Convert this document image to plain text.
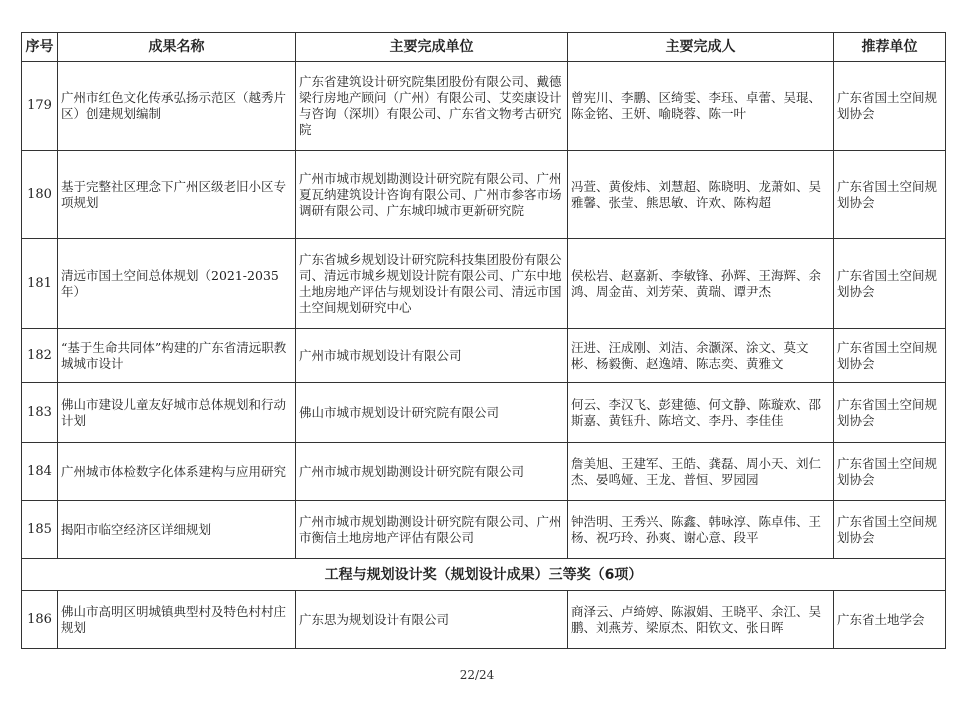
序号	成果名称	主要完成单位	主要完成人	推荐单位
179	广州市红色文化传承弘扬示范区（越秀片区）创建规划编制	广东省建筑设计研究院集团股份有限公司、戴德梁行房地产顾问（广州）有限公司、艾奕康设计与咨询（深圳）有限公司、广东省文物考古研究院	曾宪川、李鹏、区绮雯、李珏、卓蕾、吴琨、陈金铭、王妍、喻晓蓉、陈一叶	广东省国土空间规划协会
180	基于完整社区理念下广州区级老旧小区专项规划	广州市城市规划勘测设计研究院有限公司、广州夏瓦纳建筑设计咨询有限公司、广州市参客市场调研有限公司、广东城印城市更新研究院	冯萱、黄俊炜、刘慧超、陈晓明、龙萧如、吴雅馨、张莹、熊思敏、许欢、陈构超	广东省国土空间规划协会
181	清远市国土空间总体规划（2021-2035年）	广东省城乡规划设计研究院科技集团股份有限公司、清远市城乡规划设计院有限公司、广东中地土地房地产评估与规划设计有限公司、清远市国土空间规划研究中心	侯松岩、赵嘉新、李敏锋、孙辉、王海辉、余鸿、周金苗、刘芳荣、黄瑞、谭尹杰	广东省国土空间规划协会
182	“基于生命共同体”构建的广东省清远职教城城市设计	广州市城市规划设计有限公司	汪进、汪成刚、刘洁、余灏深、涂文、莫文彬、杨毅衡、赵逸靖、陈志奕、黄雅文	广东省国土空间规划协会
183	佛山市建设儿童友好城市总体规划和行动计划	佛山市城市规划设计研究院有限公司	何云、李汉飞、彭建德、何文静、陈璇欢、邵斯嘉、黄钰升、陈培文、李丹、李佳佳	广东省国土空间规划协会
184	广州城市体检数字化体系建构与应用研究	广州市城市规划勘测设计研究院有限公司	詹美旭、王建军、王皓、龚磊、周小天、刘仁杰、晏鸣娅、王龙、普恒、罗园园	广东省国土空间规划协会
185	揭阳市临空经济区详细规划	广州市城市规划勘测设计研究院有限公司、广州市衡信土地房地产评估有限公司	钟浩明、王秀兴、陈鑫、韩咏淳、陈卓伟、王杨、祝巧玲、孙爽、谢心意、段平	广东省国土空间规划协会
工程与规划设计奖（规划设计成果）三等奖（6项）				
186	佛山市高明区明城镇典型村及特色村村庄规划	广东思为规划设计有限公司	商泽云、卢绮婷、陈淑娟、王晓平、余江、吴鹏、刘燕芳、梁原杰、阳钦文、张日晖	广东省土地学会
22/24
